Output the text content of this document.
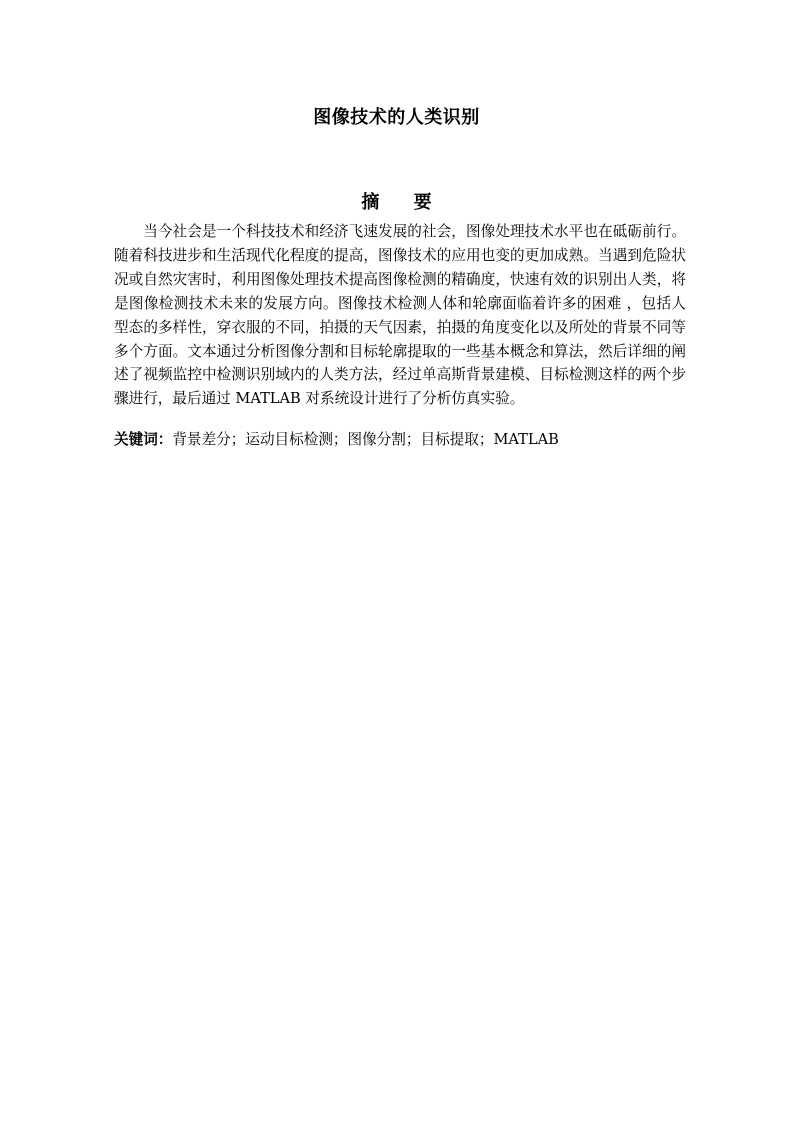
图像技术的人类识别
摘 要

当今社会是一个科技技术和经济飞速发展的社会，图像处理技术水平也在砥砺前行。随着科技进步和生活现代化程度的提高，图像技术的应用也变的更加成熟。当遇到危险状况或自然灾害时，利用图像处理技术提高图像检测的精确度，快速有效的识别出人类，将是图像检测技术未来的发展方向。图像技术检测人体和轮廓面临着许多的困难 ，包括人型态的多样性，穿衣服的不同，拍摄的天气因素，拍摄的角度变化以及所处的背景不同等多个方面。文本通过分析图像分割和目标轮廓提取的一些基本概念和算法，然后详细的阐述了视频监控中检测识别域内的人类方法，经过单高斯背景建模、目标检测这样的两个步骤进行，最后通过 MATLAB 对系统设计进行了分析仿真实验。

关键词：背景差分；运动目标检测；图像分割；目标提取；MATLAB
